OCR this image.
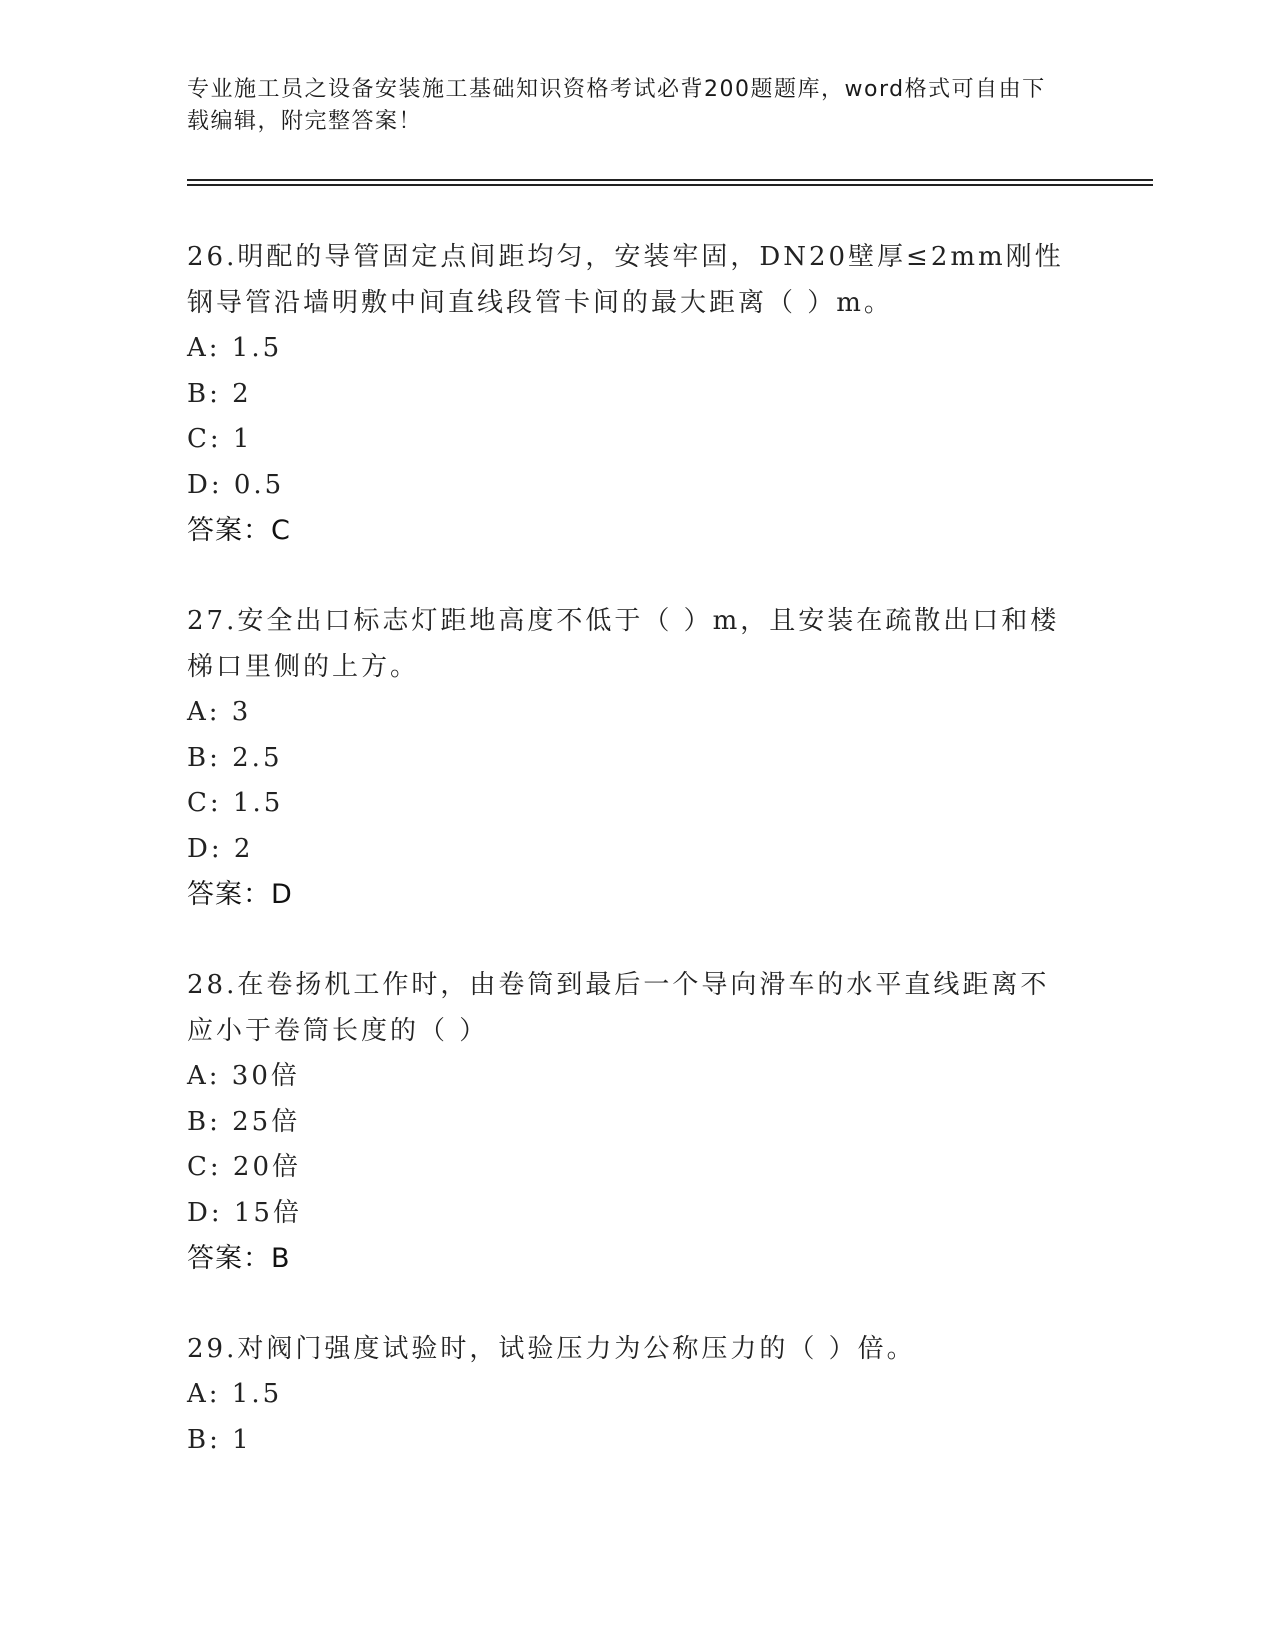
专业施工员之设备安装施工基础知识资格考试必背200题题库，word格式可自由下载编辑，附完整答案！

26.明配的导管固定点间距均匀，安装牢固，DN20壁厚≤2mm刚性钢导管沿墙明敷中间直线段管卡间的最大距离（ ）m。

A: 1.5
B: 2
C: 1
D: 0.5
答案：C

27.安全出口标志灯距地高度不低于（ ）m，且安装在疏散出口和楼梯口里侧的上方。

A: 3
B: 2.5
C: 1.5
D: 2
答案：D

28.在卷扬机工作时，由卷筒到最后一个导向滑车的水平直线距离不应小于卷筒长度的（ ）

A: 30倍
B: 25倍
C: 20倍
D: 15倍
答案：B

29.对阀门强度试验时，试验压力为公称压力的（ ）倍。

A: 1.5
B: 1
